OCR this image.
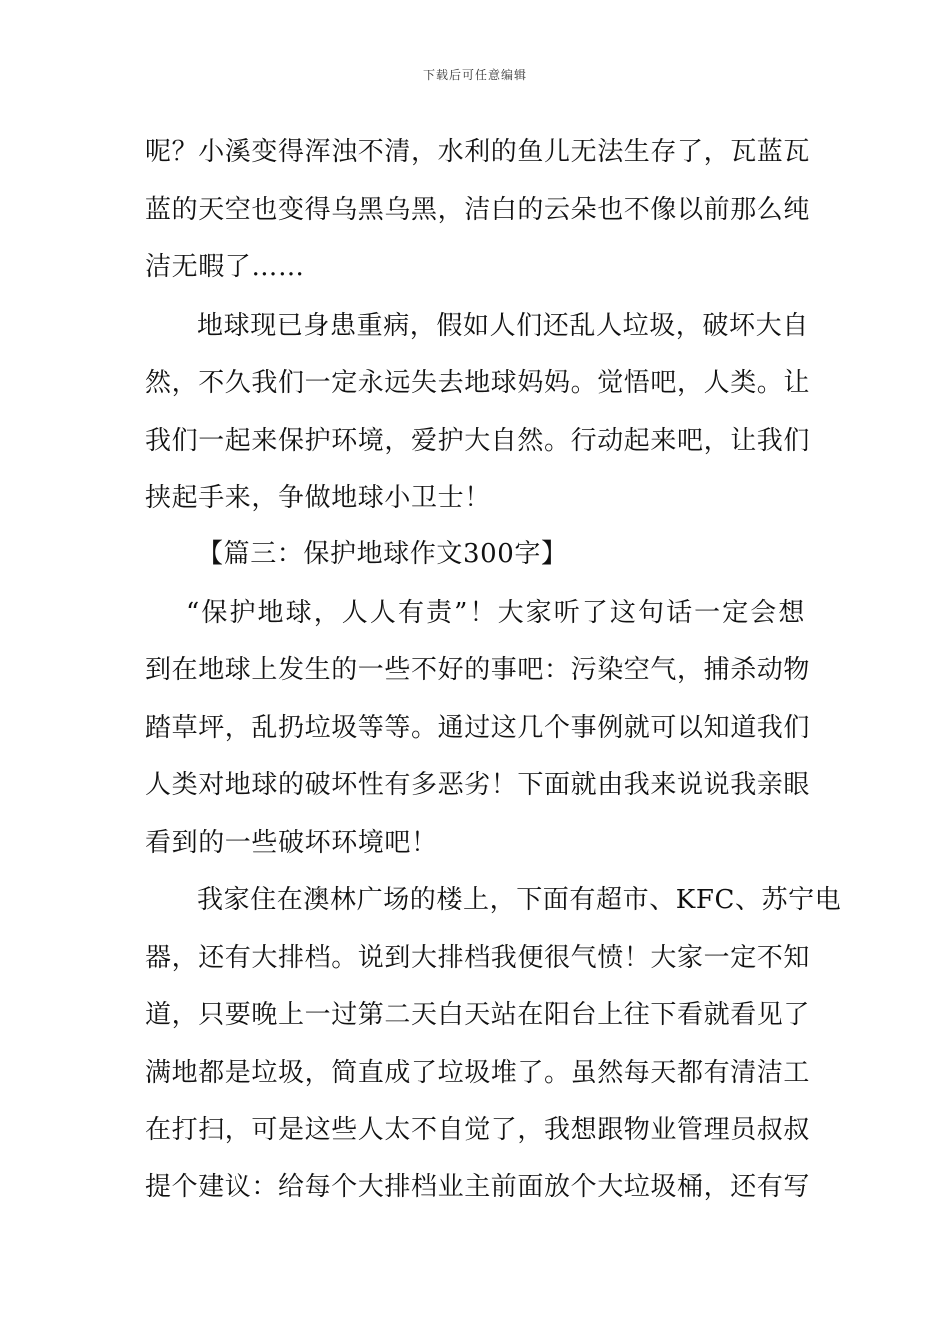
下载后可任意编辑
呢？小溪变得浑浊不清，水利的鱼儿无法生存了，瓦蓝瓦
蓝的天空也变得乌黑乌黑，洁白的云朵也不像以前那么纯
洁无暇了……
地球现已身患重病，假如人们还乱人垃圾，破坏大自
然，不久我们一定永远失去地球妈妈。觉悟吧，人类。让
我们一起来保护环境，爱护大自然。行动起来吧，让我们
挟起手来，争做地球小卫士！
【篇三：保护地球作文300字】
“保护地球，人人有责”！大家听了这句话一定会想
到在地球上发生的一些不好的事吧：污染空气，捕杀动物
踏草坪，乱扔垃圾等等。通过这几个事例就可以知道我们
人类对地球的破坏性有多恶劣！下面就由我来说说我亲眼
看到的一些破坏环境吧！
我家住在澳林广场的楼上，下面有超市、KFC、苏宁电
器，还有大排档。说到大排档我便很气愤！大家一定不知
道，只要晚上一过第二天白天站在阳台上往下看就看见了
满地都是垃圾，简直成了垃圾堆了。虽然每天都有清洁工
在打扫，可是这些人太不自觉了，我想跟物业管理员叔叔
提个建议：给每个大排档业主前面放个大垃圾桶，还有写
